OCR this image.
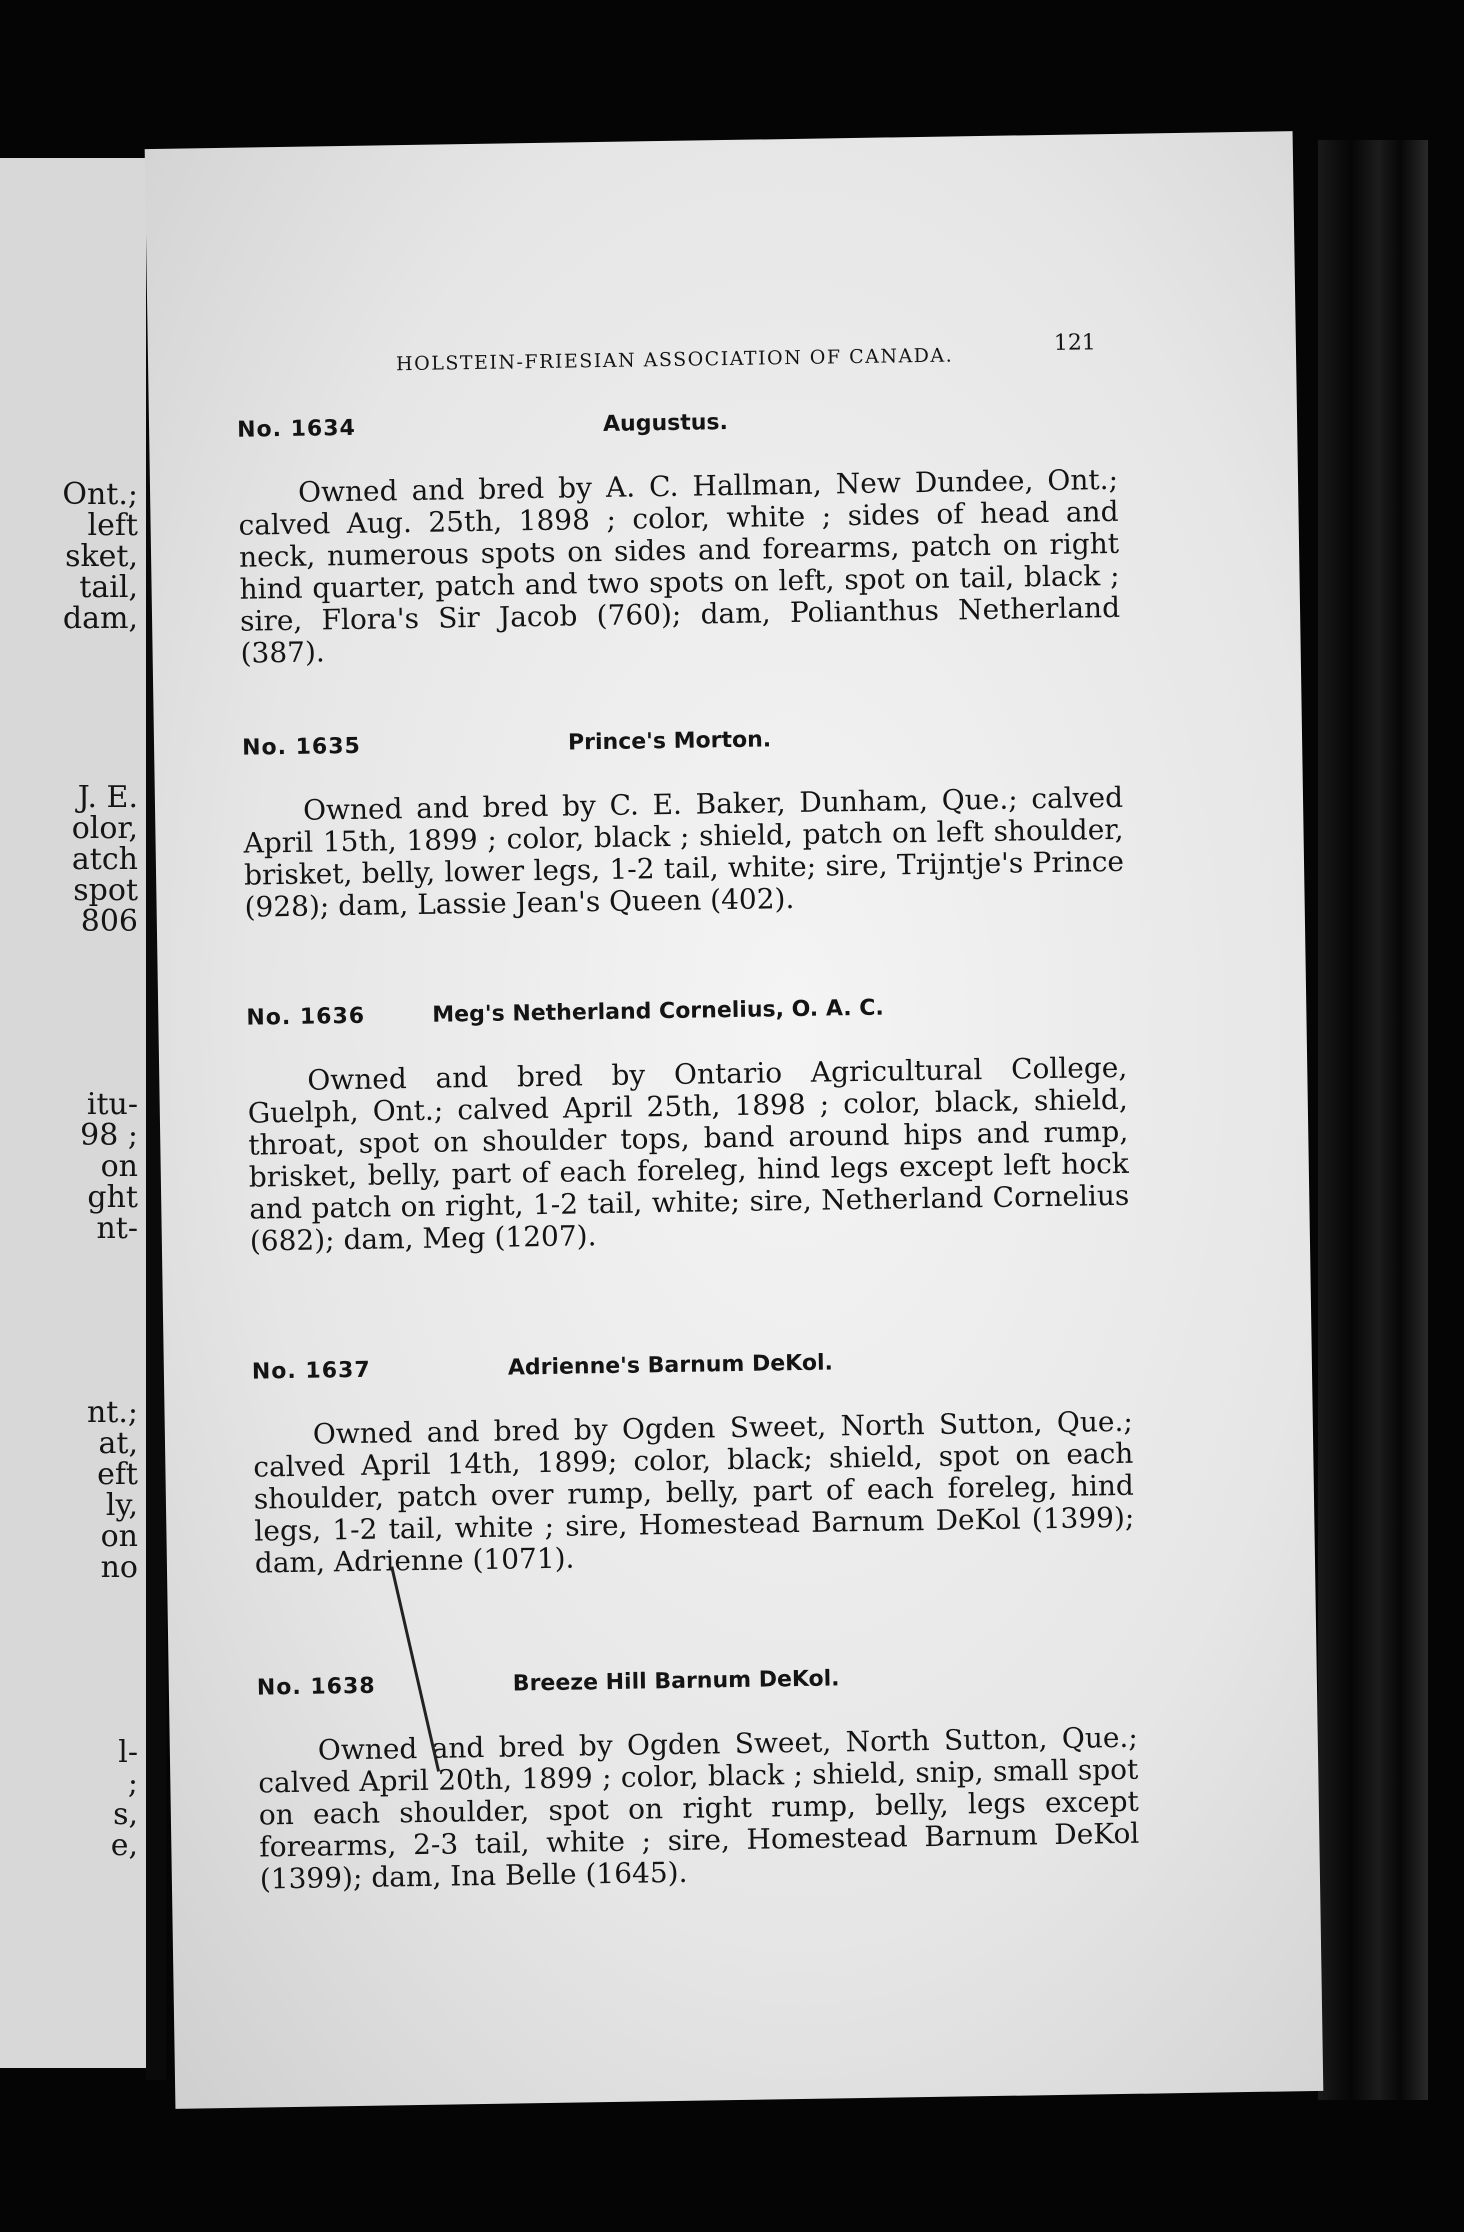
Ont.;
left
sket,
tail,
dam,
J. E.
olor,
atch
spot
806
itu-
98 ;
on
ght
nt-
nt.;
at,
eft
ly,
on
no
l-
;
s,
e,
HOLSTEIN-FRIESIAN ASSOCIATION OF CANADA.
121
No. 1634	Augustus.
Owned and bred by A. C. Hallman, New Dundee, Ont.; calved Aug. 25th, 1898 ; color, white ; sides of head and neck, numerous spots on sides and forearms, patch on right hind quarter, patch and two spots on left, spot on tail, black ; sire, Flora's Sir Jacob (760); dam, Polianthus Netherland (387).
No. 1635	Prince's Morton.
Owned and bred by C. E. Baker, Dunham, Que.; calved April 15th, 1899 ; color, black ; shield, patch on left shoulder, brisket, belly, lower legs, 1-2 tail, white; sire, Trijntje's Prince (928); dam, Lassie Jean's Queen (402).
No. 1636	Meg's Netherland Cornelius, O. A. C.
Owned and bred by Ontario Agricultural College, Guelph, Ont.; calved April 25th, 1898 ; color, black, shield, throat, spot on shoulder tops, band around hips and rump, brisket, belly, part of each foreleg, hind legs except left hock and patch on right, 1-2 tail, white; sire, Netherland Cornelius (682); dam, Meg (1207).
No. 1637	Adrienne's Barnum DeKol.
Owned and bred by Ogden Sweet, North Sutton, Que.; calved April 14th, 1899; color, black; shield, spot on each shoulder, patch over rump, belly, part of each foreleg, hind legs, 1-2 tail, white ; sire, Homestead Barnum DeKol (1399); dam, Adrienne (1071).
No. 1638	Breeze Hill Barnum DeKol.
Owned and bred by Ogden Sweet, North Sutton, Que.; calved April 20th, 1899 ; color, black ; shield, snip, small spot on each shoulder, spot on right rump, belly, legs except forearms, 2-3 tail, white ; sire, Homestead Barnum DeKol (1399); dam, Ina Belle (1645).
